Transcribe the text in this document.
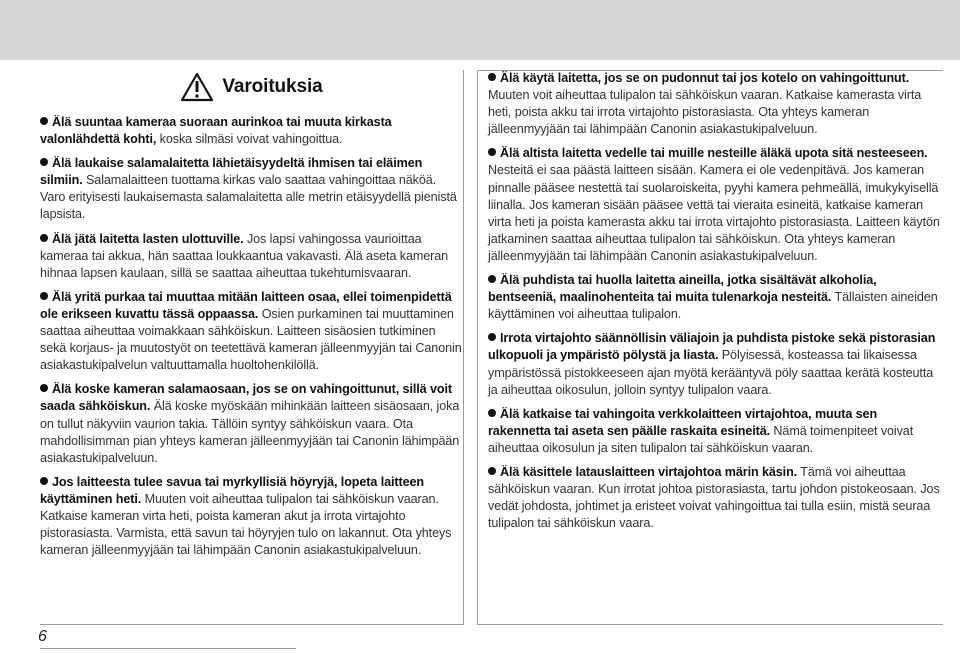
Varoituksia
Älä suuntaa kameraa suoraan aurinkoa tai muuta kirkasta valonlähdettä kohti, koska silmäsi voivat vahingoittua.
Älä laukaise salamalaitetta lähietäisyydeltä ihmisen tai eläimen silmiin. Salamalaitteen tuottama kirkas valo saattaa vahingoittaa näköä. Varo erityisesti laukaisemasta salamalaitetta alle metrin etäisyydellä pienistä lapsista.
Älä jätä laitetta lasten ulottuville. Jos lapsi vahingossa vaurioittaa kameraa tai akkua, hän saattaa loukkaantua vakavasti. Älä aseta kameran hihnaa lapsen kaulaan, sillä se saattaa aiheuttaa tukehtumisvaaran.
Älä yritä purkaa tai muuttaa mitään laitteen osaa, ellei toimenpidettä ole erikseen kuvattu tässä oppaassa. Osien purkaminen tai muuttaminen saattaa aiheuttaa voimakkaan sähköiskun. Laitteen sisäosien tutkiminen sekä korjaus- ja muutostyöt on teetettävä kameran jälleenmyyjän tai Canonin asiakastukipalvelun valtuuttamalla huoltohenkilöllä.
Älä koske kameran salamaosaan, jos se on vahingoittunut, sillä voit saada sähköiskun. Älä koske myöskään mihinkään laitteen sisäosaan, joka on tullut näkyviin vaurion takia. Tällöin syntyy sähköiskun vaara. Ota mahdollisimman pian yhteys kameran jälleenmyyjään tai Canonin lähimpään asiakastukipalveluun.
Jos laitteesta tulee savua tai myrkyllisiä höyryjä, lopeta laitteen käyttäminen heti. Muuten voit aiheuttaa tulipalon tai sähköiskun vaaran. Katkaise kameran virta heti, poista kameran akut ja irrota virtajohto pistorasiasta. Varmista, että savun tai höyryjen tulo on lakannut. Ota yhteys kameran jälleenmyyjään tai lähimpään Canonin asiakastukipalveluun.
Älä käytä laitetta, jos se on pudonnut tai jos kotelo on vahingoittunut. Muuten voit aiheuttaa tulipalon tai sähköiskun vaaran. Katkaise kamerasta virta heti, poista akku tai irrota virtajohto pistorasiasta. Ota yhteys kameran jälleenmyyjään tai lähimpään Canonin asiakastukipalveluun.
Älä altista laitetta vedelle tai muille nesteille äläkä upota sitä nesteeseen. Nesteitä ei saa päästä laitteen sisään. Kamera ei ole vedenpitävä. Jos kameran pinnalle pääsee nestettä tai suolaroiskeita, pyyhi kamera pehmeällä, imukykyisellä liinalla. Jos kameran sisään pääsee vettä tai vieraita esineitä, katkaise kameran virta heti ja poista kamerasta akku tai irrota virtajohto pistorasiasta. Laitteen käytön jatkaminen saattaa aiheuttaa tulipalon tai sähköiskun. Ota yhteys kameran jälleenmyyjään tai lähimpään Canonin asiakastukipalveluun.
Älä puhdista tai huolla laitetta aineilla, jotka sisältävät alkoholia, bentseeniä, maalinohenteita tai muita tulenarkoja nesteitä. Tällaisten aineiden käyttäminen voi aiheuttaa tulipalon.
Irrota virtajohto säännöllisin väliajoin ja puhdista pistoke sekä pistorasian ulkopuoli ja ympäristö pölystä ja liasta. Pölyisessä, kosteassa tai likaisessa ympäristössä pistokkeeseen ajan myötä kerääntyvä pöly saattaa kerätä kosteutta ja aiheuttaa oikosulun, jolloin syntyy tulipalon vaara.
Älä katkaise tai vahingoita verkkolaitteen virtajohtoa, muuta sen rakennetta tai aseta sen päälle raskaita esineitä. Nämä toimenpiteet voivat aiheuttaa oikosulun ja siten tulipalon tai sähköiskun vaaran.
Älä käsittele latauslaitteen virtajohtoa märin käsin. Tämä voi aiheuttaa sähköiskun vaaran. Kun irrotat johtoa pistorasiasta, tartu johdon pistokeosaan. Jos vedät johdosta, johtimet ja eristeet voivat vahingoittua tai tulla esiin, mistä seuraa tulipalon tai sähköiskun vaara.
6
